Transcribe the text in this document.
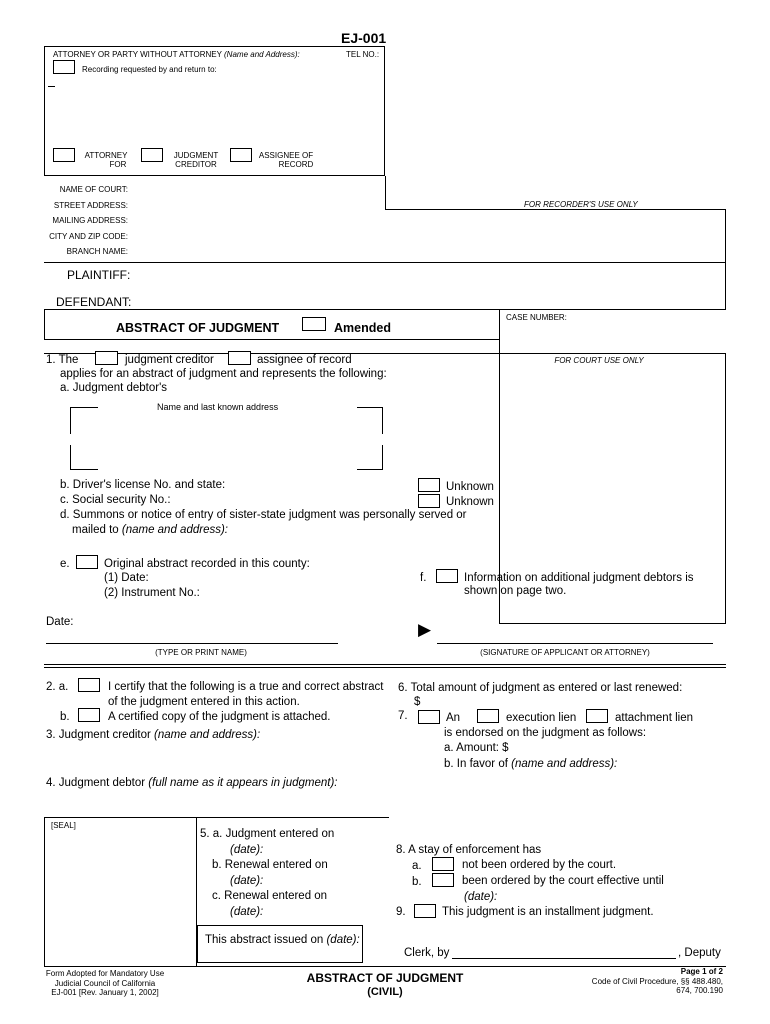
EJ-001
ATTORNEY OR PARTY WITHOUT ATTORNEY (Name and Address):	TEL NO.:
Recording requested by and return to:
ATTORNEY
FOR
JUDGMENT
CREDITOR
ASSIGNEE OF
RECORD
NAME OF COURT:
STREET ADDRESS:
MAILING ADDRESS:
CITY AND ZIP CODE:
BRANCH NAME:
FOR RECORDER'S USE ONLY
PLAINTIFF:
DEFENDANT:
ABSTRACT OF JUDGMENT	Amended
CASE NUMBER:
FOR COURT USE ONLY
1. The	judgment creditor	assignee of record
applies for an abstract of judgment and represents the following:
a. Judgment debtor's
Name and last known address
b. Driver's license No. and state:	Unknown
c. Social security No.:	Unknown
d. Summons or notice of entry of sister-state judgment was personally served or
mailed to (name and address):
e.	Original abstract recorded in this county:
(1) Date:
(2) Instrument No.:
f.	Information on additional judgment debtors is
shown on page two.
Date:
(TYPE OR PRINT NAME)
▶
(SIGNATURE OF APPLICANT OR ATTORNEY)
2. a.	I certify that the following is a true and correct abstract
of the judgment entered in this action.
b.	A certified copy of the judgment is attached.
3. Judgment creditor (name and address):
4. Judgment debtor (full name as it appears in judgment):
6. Total amount of judgment as entered or last renewed:
$
7.	An	execution lien	attachment lien
is endorsed on the judgment as follows:
a. Amount: $
b. In favor of (name and address):
[SEAL]
5. a. Judgment entered on
(date):
b. Renewal entered on
(date):
c. Renewal entered on
(date):
This abstract issued on (date):
8. A stay of enforcement has
a.	not been ordered by the court.
b.	been ordered by the court effective until
(date):
9.	This judgment is an installment judgment.
Clerk, by	, Deputy
Form Adopted for Mandatory Use
Judicial Council of California
EJ-001 [Rev. January 1, 2002]
ABSTRACT OF JUDGMENT
(CIVIL)
Page 1 of 2
Code of Civil Procedure, §§ 488.480,
674, 700.190
